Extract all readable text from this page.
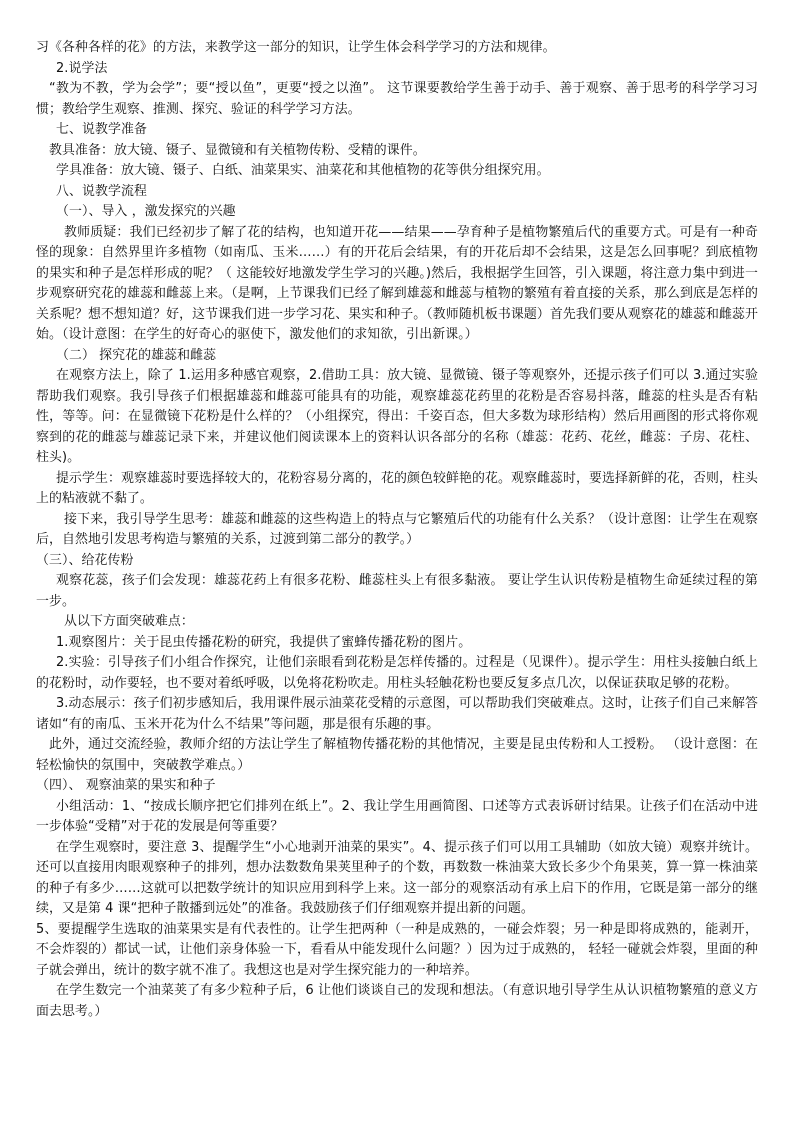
习《各种各样的花》的方法，来教学这一部分的知识，让学生体会科学学习的方法和规律。

2.说学法

“教为不教，学为会学”；要“授以鱼”，更要“授之以渔”。 这节课要教给学生善于动手、善于观察、善于思考的科学学习习惯；教给学生观察、推测、探究、验证的科学学习方法。

七、说教学准备

教具准备：放大镜、镊子、显微镜和有关植物传粉、受精的课件。

学具准备：放大镜、镊子、白纸、油菜果实、油菜花和其他植物的花等供分组探究用。

八、说教学流程

（一）、导入 ，激发探究的兴趣

教师质疑：我们已经初步了解了花的结构，也知道开花——结果——孕育种子是植物繁殖后代的重要方式。可是有一种奇怪的现象：自然界里许多植物（如南瓜、玉米……）有的开花后会结果，有的开花后却不会结果，这是怎么回事呢？到底植物的果实和种子是怎样形成的呢？（ 这能较好地激发学生学习的兴趣。)然后，我根据学生回答，引入课题，将注意力集中到进一步观察研究花的雄蕊和雌蕊上来。（是啊，上节课我们已经了解到雄蕊和雌蕊与植物的繁殖有着直接的关系，那么到底是怎样的关系呢？想不想知道？好，这节课我们进一步学习花、果实和种子。（教师随机板书课题）首先我们要从观察花的雄蕊和雌蕊开始。（设计意图：在学生的好奇心的驱使下，激发他们的求知欲，引出新课。）

（二） 探究花的雄蕊和雌蕊

在观察方法上，除了 1.运用多种感官观察，2.借助工具：放大镜、显微镜、镊子等观察外，还提示孩子们可以 3.通过实验帮助我们观察。我引导孩子们根据雄蕊和雌蕊可能具有的功能，观察雄蕊花药里的花粉是否容易抖落，雌蕊的柱头是否有粘性，等等。问：在显微镜下花粉是什么样的？（小组探究，得出：千姿百态，但大多数为球形结构）然后用画图的形式将你观察到的花的雌蕊与雄蕊记录下来，并建议他们阅读课本上的资料认识各部分的名称（雄蕊：花药、花丝，雌蕊：子房、花柱、柱头)。

提示学生：观察雄蕊时要选择较大的，花粉容易分离的，花的颜色较鲜艳的花。观察雌蕊时，要选择新鲜的花，否则，柱头上的粘液就不黏了。

接下来，我引导学生思考：雄蕊和雌蕊的这些构造上的特点与它繁殖后代的功能有什么关系？（设计意图：让学生在观察后，自然地引发思考构造与繁殖的关系，过渡到第二部分的教学。）

（三）、给花传粉

观察花蕊，孩子们会发现：雄蕊花药上有很多花粉、雌蕊柱头上有很多黏液。 要让学生认识传粉是植物生命延续过程的第一步。

从以下方面突破难点：

1.观察图片：关于昆虫传播花粉的研究，我提供了蜜蜂传播花粉的图片。

2.实验：引导孩子们小组合作探究，让他们亲眼看到花粉是怎样传播的。过程是（见课件）。提示学生：用柱头接触白纸上的花粉时，动作要轻，也不要对着纸呼吸，以免将花粉吹走。用柱头轻触花粉也要反复多点几次，以保证获取足够的花粉。

3.动态展示：孩子们初步感知后，我用课件展示油菜花受精的示意图，可以帮助我们突破难点。这时，让孩子们自己来解答诸如“有的南瓜、玉米开花为什么不结果”等问题，那是很有乐趣的事。

此外，通过交流经验，教师介绍的方法让学生了解植物传播花粉的其他情况，主要是昆虫传粉和人工授粉。 （设计意图：在轻松愉快的氛围中，突破教学难点。）

（四）、 观察油菜的果实和种子

小组活动：1、“按成长顺序把它们排列在纸上”。2、我让学生用画简图、口述等方式表诉研讨结果。让孩子们在活动中进一步体验“受精”对于花的发展是何等重要？

在学生观察时，要注意 3、提醒学生“小心地剥开油菜的果实”。4、提示孩子们可以用工具辅助（如放大镜）观察并统计。还可以直接用肉眼观察种子的排列，想办法数数角果荚里种子的个数，再数数一株油菜大致长多少个角果荚，算一算一株油菜的种子有多少……这就可以把数学统计的知识应用到科学上来。这一部分的观察活动有承上启下的作用，它既是第一部分的继续，又是第 4 课“把种子散播到远处”的准备。我鼓励孩子们仔细观察并提出新的问题。

5、要提醒学生选取的油菜果实是有代表性的。让学生把两种（一种是成熟的，一碰会炸裂；另一种是即将成熟的，能剥开，不会炸裂的）都试一试，让他们亲身体验一下，看看从中能发现什么问题？）因为过于成熟的， 轻轻一碰就会炸裂，里面的种子就会弹出，统计的数字就不准了。我想这也是对学生探究能力的一种培养。

在学生数完一个油菜荚了有多少粒种子后，6 让他们谈谈自己的发现和想法。（有意识地引导学生从认识植物繁殖的意义方面去思考。）
